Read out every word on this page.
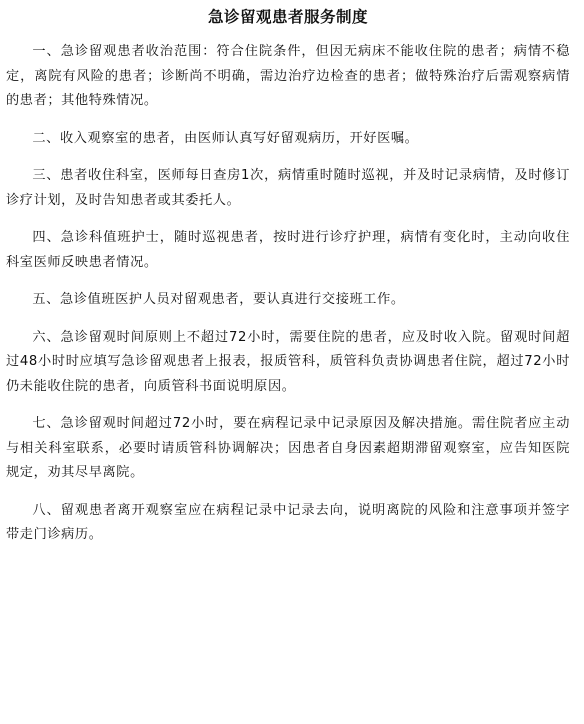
急诊留观患者服务制度

一、急诊留观患者收治范围：符合住院条件，但因无病床不能收住院的患者；病情不稳定，离院有风险的患者；诊断尚不明确，需边治疗边检查的患者；做特殊治疗后需观察病情的患者；其他特殊情况。

二、收入观察室的患者，由医师认真写好留观病历，开好医嘱。

三、患者收住科室，医师每日查房1次，病情重时随时巡视，并及时记录病情，及时修订诊疗计划，及时告知患者或其委托人。

四、急诊科值班护士，随时巡视患者，按时进行诊疗护理，病情有变化时，主动向收住科室医师反映患者情况。

五、急诊值班医护人员对留观患者，要认真进行交接班工作。

六、急诊留观时间原则上不超过72小时，需要住院的患者，应及时收入院。留观时间超过48小时时应填写急诊留观患者上报表，报质管科，质管科负责协调患者住院，超过72小时仍未能收住院的患者，向质管科书面说明原因。

七、急诊留观时间超过72小时，要在病程记录中记录原因及解决措施。需住院者应主动与相关科室联系，必要时请质管科协调解决；因患者自身因素超期滞留观察室，应告知医院规定，劝其尽早离院。

八、留观患者离开观察室应在病程记录中记录去向，说明离院的风险和注意事项并签字带走门诊病历。
